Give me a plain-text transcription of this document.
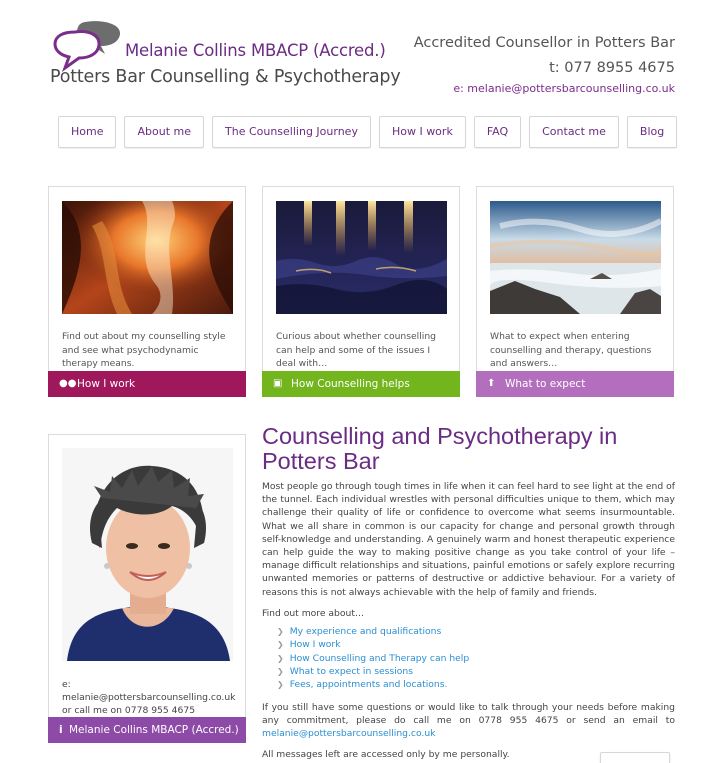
Melanie Collins MBACP (Accred.)
Potters Bar Counselling & Psychotherapy
Accredited Counsellor in Potters Bar
t: 077 8955 4675
e: melanie@pottersbarcounselling.co.uk
Home	About me	The Counselling Journey	How I work	FAQ	Contact me	Blog
Find out about my counselling style and see what psychodynamic therapy means.
●● How I work
Curious about whether counselling can help and some of the issues I deal with…
▣ How Counselling helps
What to expect when entering counselling and therapy, questions and answers…
⬆ What to expect
e: melanie@pottersbarcounselling.co.uk
or call me on 0778 955 4675
i Melanie Collins MBACP (Accred.)
Counselling and Psychotherapy in Potters Bar

Most people go through tough times in life when it can feel hard to see light at the end of the tunnel. Each individual wrestles with personal difficulties unique to them, which may challenge their quality of life or confidence to overcome what seems insurmountable. What we all share in common is our capacity for change and personal growth through self-knowledge and understanding. A genuinely warm and honest therapeutic experience can help guide the way to making positive change as you take control of your life – manage difficult relationships and situations, painful emotions or safely explore recurring unwanted memories or patterns of destructive or addictive behaviour. For a variety of reasons this is not always achievable with the help of family and friends.

Find out more about…

❯ My experience and qualifications
❯ How I work
❯ How Counselling and Therapy can help
❯ What to expect in sessions
❯ Fees, appointments and locations.

If you still have some questions or would like to talk through your needs before making any commitment, please do call me on 0778 955 4675 or send an email to melanie@pottersbarcounselling.co.uk

All messages left are accessed only by me personally.
